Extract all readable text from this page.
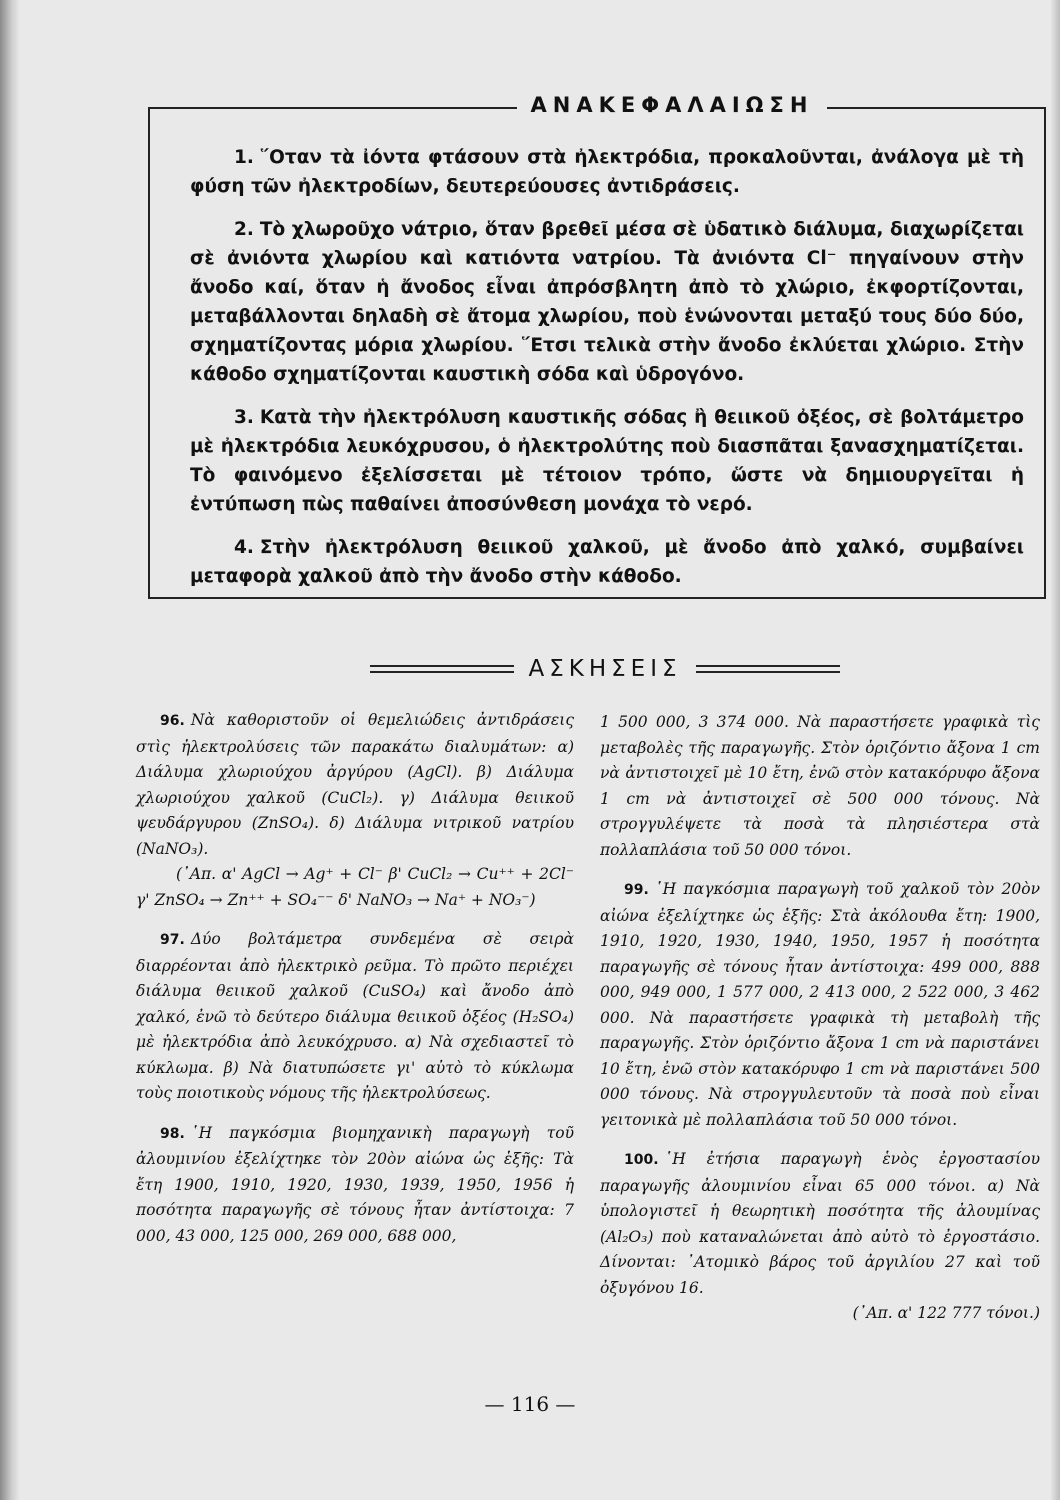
ΑΝΑΚΕΦΑΛΑΙΩΣΗ

1. ῞Οταν τὰ ἰόντα φτάσουν στὰ ἠλεκτρόδια, προκαλοῦνται, ἀνάλογα μὲ τὴ φύση τῶν ἠλεκτροδίων, δευτερεύουσες ἀντιδράσεις.

2. Τὸ χλωροῦχο νάτριο, ὅταν βρεθεῖ μέσα σὲ ὑδατικὸ διάλυμα, διαχωρίζεται σὲ ἀνιόντα χλωρίου καὶ κατιόντα νατρίου. Τὰ ἀνιόντα Cl⁻ πηγαίνουν στὴν ἄνοδο καί, ὅταν ἡ ἄνοδος εἶναι ἀπρόσβλητη ἀπὸ τὸ χλώριο, ἐκφορτίζονται, μεταβάλλονται δηλαδὴ σὲ ἄτομα χλωρίου, ποὺ ἑνώνονται μεταξύ τους δύο δύο, σχηματίζοντας μόρια χλωρίου. ῞Ετσι τελικὰ στὴν ἄνοδο ἐκλύεται χλώριο. Στὴν κάθοδο σχηματίζονται καυστικὴ σόδα καὶ ὑδρογόνο.

3. Κατὰ τὴν ἠλεκτρόλυση καυστικῆς σόδας ἢ θειικοῦ ὀξέος, σὲ βολτάμετρο μὲ ἠλεκτρόδια λευκόχρυσου, ὁ ἠλεκτρολύτης ποὺ διασπᾶται ξανασχηματίζεται. Τὸ φαινόμενο ἐξελίσσεται μὲ τέτοιον τρόπο, ὥστε νὰ δημιουργεῖται ἡ ἐντύπωση πὼς παθαίνει ἀποσύνθεση μονάχα τὸ νερό.

4. Στὴν ἠλεκτρόλυση θειικοῦ χαλκοῦ, μὲ ἄνοδο ἀπὸ χαλκό, συμβαίνει μεταφορὰ χαλκοῦ ἀπὸ τὴν ἄνοδο στὴν κάθοδο.

ΑΣΚΗΣΕΙΣ
96. Νὰ καθοριστοῦν οἱ θεμελιώδεις ἀντιδράσεις στὶς ἠλεκτρολύσεις τῶν παρακάτω διαλυμάτων: α) Διάλυμα χλωριούχου ἀργύρου (AgCl). β) Διάλυμα χλωριούχου χαλκοῦ (CuCl₂). γ) Διάλυμα θειικοῦ ψευδάργυρου (ZnSO₄). δ) Διάλυμα νιτρικοῦ νατρίου (NaNO₃).
(᾿Απ. α' AgCl → Ag⁺ + Cl⁻ β' CuCl₂ → Cu⁺⁺ + 2Cl⁻ γ' ZnSO₄ → Zn⁺⁺ + SO₄⁻⁻ δ' NaNO₃ → Na⁺ + NO₃⁻)
97. Δύο βολτάμετρα συνδεμένα σὲ σειρὰ διαρρέονται ἀπὸ ἠλεκτρικὸ ρεῦμα. Τὸ πρῶτο περιέχει διάλυμα θειικοῦ χαλκοῦ (CuSO₄) καὶ ἄνοδο ἀπὸ χαλκό, ἐνῶ τὸ δεύτερο διάλυμα θειικοῦ ὀξέος (H₂SO₄) μὲ ἠλεκτρόδια ἀπὸ λευκόχρυσο. α) Νὰ σχεδιαστεῖ τὸ κύκλωμα. β) Νὰ διατυπώσετε γι' αὐτὸ τὸ κύκλωμα τοὺς ποιοτικοὺς νόμους τῆς ἠλεκτρολύσεως.
98. ῾Η παγκόσμια βιομηχανικὴ παραγωγὴ τοῦ ἀλουμινίου ἐξελίχτηκε τὸν 20ὸν αἰώνα ὡς ἑξῆς: Τὰ ἔτη 1900, 1910, 1920, 1930, 1939, 1950, 1956 ἡ ποσότητα παραγωγῆς σὲ τόνους ἦταν ἀντίστοιχα: 7 000, 43 000, 125 000, 269 000, 688 000,
1 500 000, 3 374 000. Νὰ παραστήσετε γραφικὰ τὶς μεταβολὲς τῆς παραγωγῆς. Στὸν ὁριζόντιο ἄξονα 1 cm νὰ ἀντιστοιχεῖ μὲ 10 ἔτη, ἐνῶ στὸν κατακόρυφο ἄξονα 1 cm νὰ ἀντιστοιχεῖ σὲ 500 000 τόνους. Νὰ στρογγυλέψετε τὰ ποσὰ τὰ πλησιέστερα στὰ πολλαπλάσια τοῦ 50 000 τόνοι.
99. ῾Η παγκόσμια παραγωγὴ τοῦ χαλκοῦ τὸν 20ὸν αἰώνα ἐξελίχτηκε ὡς ἑξῆς: Στὰ ἀκόλουθα ἔτη: 1900, 1910, 1920, 1930, 1940, 1950, 1957 ἡ ποσότητα παραγωγῆς σὲ τόνους ἦταν ἀντίστοιχα: 499 000, 888 000, 949 000, 1 577 000, 2 413 000, 2 522 000, 3 462 000. Νὰ παραστήσετε γραφικὰ τὴ μεταβολὴ τῆς παραγωγῆς. Στὸν ὁριζόντιο ἄξονα 1 cm νὰ παριστάνει 10 ἔτη, ἐνῶ στὸν κατακόρυφο 1 cm νὰ παριστάνει 500 000 τόνους. Νὰ στρογγυλευτοῦν τὰ ποσὰ ποὺ εἶναι γειτονικὰ μὲ πολλαπλάσια τοῦ 50 000 τόνοι.
100. ῾Η ἐτήσια παραγωγὴ ἑνὸς ἐργοστασίου παραγωγῆς ἀλουμινίου εἶναι 65 000 τόνοι. α) Νὰ ὑπολογιστεῖ ἡ θεωρητικὴ ποσότητα τῆς ἀλουμίνας (Al₂O₃) ποὺ καταναλώνεται ἀπὸ αὐτὸ τὸ ἐργοστάσιο. Δίνονται: ᾿Ατομικὸ βάρος τοῦ ἀργιλίου 27 καὶ τοῦ ὀξυγόνου 16.
(᾿Απ. α' 122 777 τόνοι.)
— 116 —
